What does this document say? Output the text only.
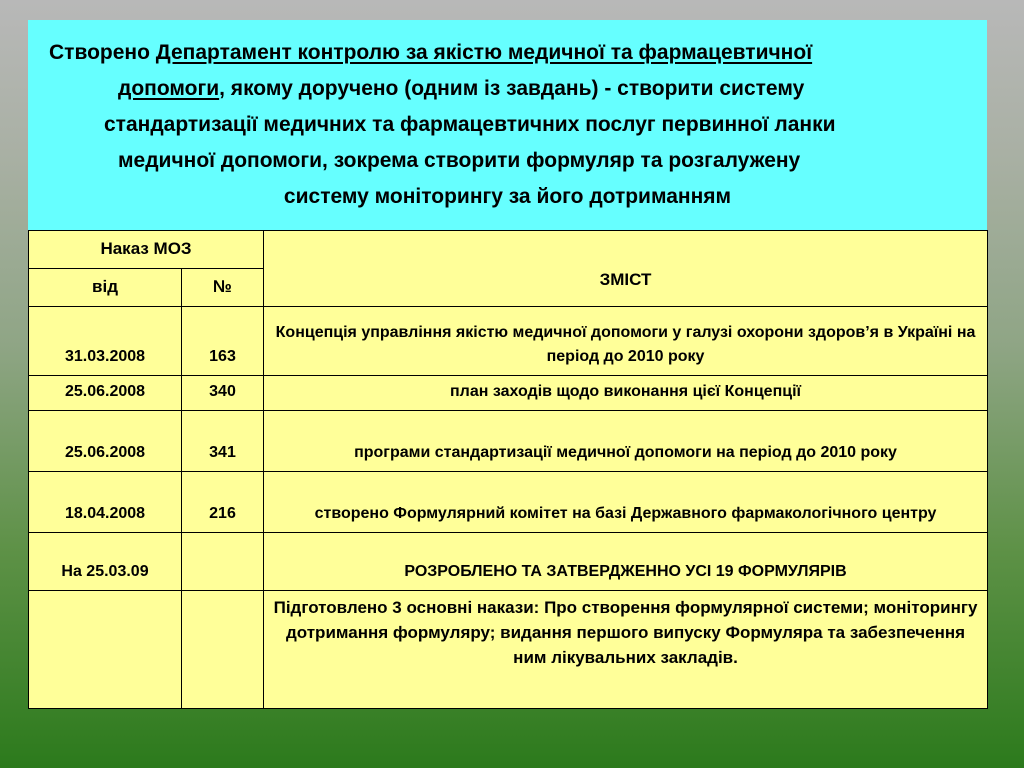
Створено Департамент контролю за якістю медичної та фармацевтичної

допомоги, якому доручено (одним із завдань) - створити систему

стандартизації медичних та фармацевтичних послуг первинної ланки

медичної допомоги, зокрема створити формуляр та розгалужену

систему моніторингу за його дотриманням

Наказ МОЗ		ЗМІСТ
від	№	
31.03.2008	163	Концепція управління якістю медичної допомоги у галузі охорони здоров’я в Україні на період до 2010 року
25.06.2008	340	план заходів щодо виконання цієї Концепції
25.06.2008	341	програми стандартизації медичної допомоги на період до 2010 року
18.04.2008	216	створено Формулярний комітет на базі Державного фармакологічного центру
На 25.03.09		РОЗРОБЛЕНО ТА ЗАТВЕРДЖЕННО УСІ 19 ФОРМУЛЯРІВ
		Підготовлено 3 основні накази: Про створення формулярної системи; моніторингу дотримання формуляру; видання першого випуску Формуляра та забезпечення ним лікувальних закладів.
